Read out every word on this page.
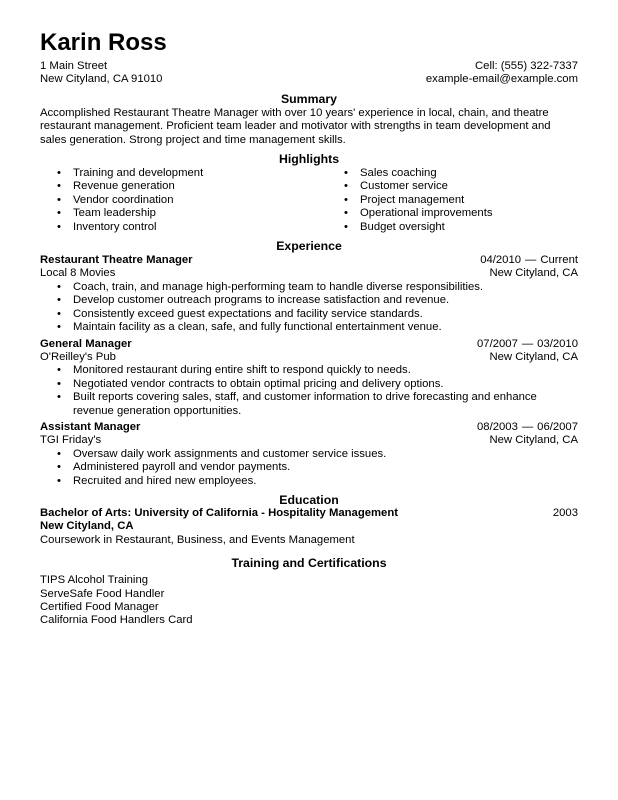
Karin Ross
1 Main Street	Cell: (555) 322-7337
New Cityland, CA 91010	example-email@example.com
Summary
Accomplished Restaurant Theatre Manager with over 10 years' experience in local, chain, and theatre restaurant management. Proficient team leader and motivator with strengths in team development and sales generation. Strong project and time management skills.
Highlights
• Training and development
• Revenue generation
• Vendor coordination
• Team leadership
• Inventory control
• Sales coaching
• Customer service
• Project management
• Operational improvements
• Budget oversight
Experience
Restaurant Theatre Manager	04/2010 — Current
Local 8 Movies	New Cityland, CA
• Coach, train, and manage high-performing team to handle diverse responsibilities.
• Develop customer outreach programs to increase satisfaction and revenue.
• Consistently exceed guest expectations and facility service standards.
• Maintain facility as a clean, safe, and fully functional entertainment venue.
General Manager	07/2007 — 03/2010
O'Reilley's Pub	New Cityland, CA
• Monitored restaurant during entire shift to respond quickly to needs.
• Negotiated vendor contracts to obtain optimal pricing and delivery options.
• Built reports covering sales, staff, and customer information to drive forecasting and enhance revenue generation opportunities.
Assistant Manager	08/2003 — 06/2007
TGI Friday's	New Cityland, CA
• Oversaw daily work assignments and customer service issues.
• Administered payroll and vendor payments.
• Recruited and hired new employees.
Education
Bachelor of Arts: University of California - Hospitality Management	2003
New Cityland, CA
Coursework in Restaurant, Business, and Events Management
Training and Certifications
TIPS Alcohol Training
ServeSafe Food Handler
Certified Food Manager
California Food Handlers Card
